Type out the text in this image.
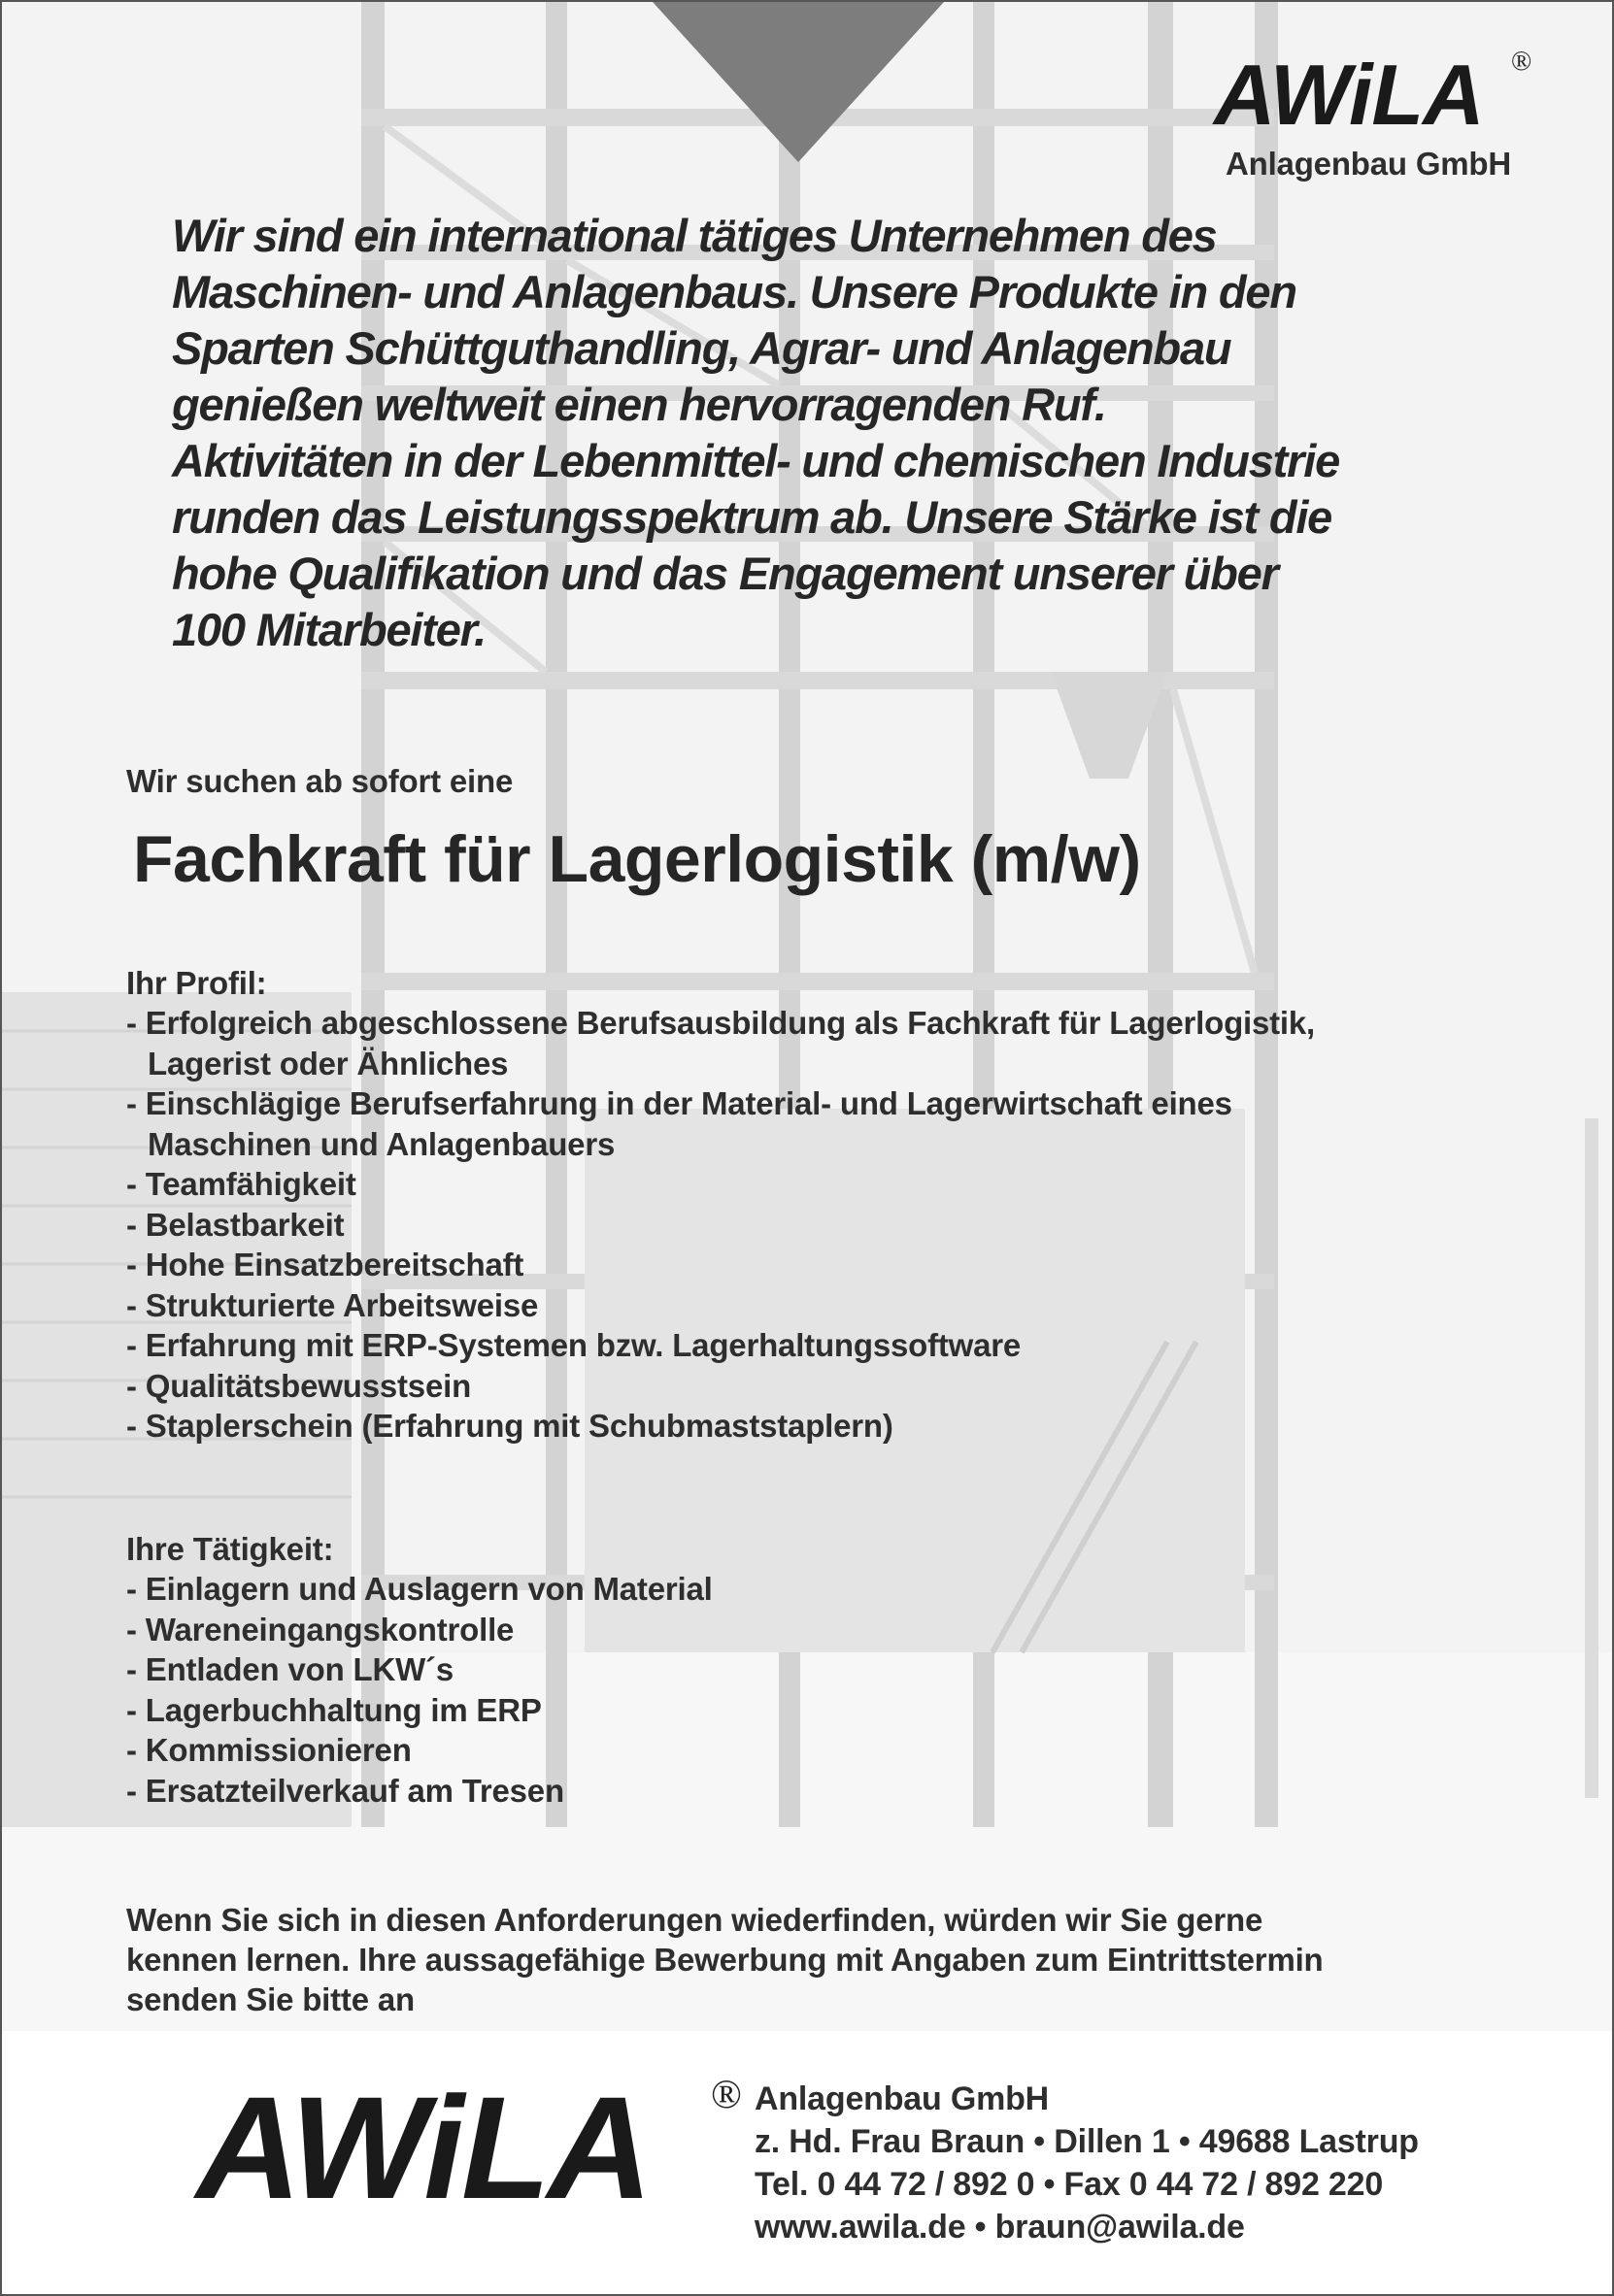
AWiLA	®
Anlagenbau GmbH

Wir sind ein international tätiges Unternehmen des
Maschinen- und Anlagenbaus. Unsere Produkte in den
Sparten Schüttguthandling, Agrar- und Anlagenbau
genießen weltweit einen hervorragenden Ruf.
Aktivitäten in der Lebenmittel- und chemischen Industrie
runden das Leistungsspektrum ab. Unsere Stärke ist die
hohe Qualifikation und das Engagement unserer über
100 Mitarbeiter.

Wir suchen ab sofort eine
Fachkraft für Lagerlogistik (m/w)
Ihr Profil:
- Erfolgreich abgeschlossene Berufsausbildung als Fachkraft für Lagerlogistik,
Lagerist oder Ähnliches
- Einschlägige Berufserfahrung in der Material- und Lagerwirtschaft eines
Maschinen und Anlagenbauers
- Teamfähigkeit
- Belastbarkeit
- Hohe Einsatzbereitschaft
- Strukturierte Arbeitsweise
- Erfahrung mit ERP-Systemen bzw. Lagerhaltungssoftware
- Qualitätsbewusstsein
- Staplerschein (Erfahrung mit Schubmaststaplern)
Ihre Tätigkeit:
- Einlagern und Auslagern von Material
- Wareneingangskontrolle
- Entladen von LKW´s
- Lagerbuchhaltung im ERP
- Kommissionieren
- Ersatzteilverkauf am Tresen
Wenn Sie sich in diesen Anforderungen wiederfinden, würden wir Sie gerne
kennen lernen. Ihre aussagefähige Bewerbung mit Angaben zum Eintrittstermin
senden Sie bitte an
AWiLA ® Anlagenbau GmbH
z. Hd. Frau Braun • Dillen 1 • 49688 Lastrup
Tel. 0 44 72 / 892 0 • Fax 0 44 72 / 892 220
www.awila.de • braun@awila.de
